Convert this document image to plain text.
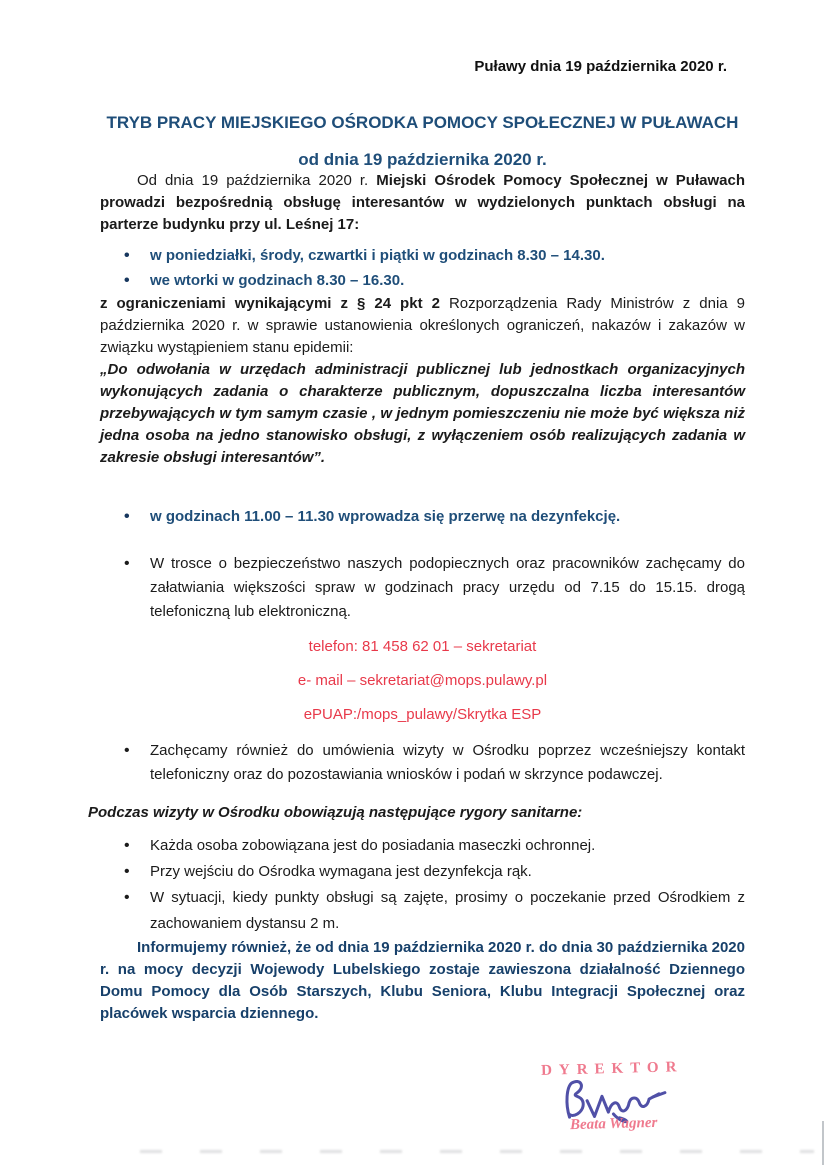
Puławy dnia 19 października 2020 r.
TRYB PRACY MIEJSKIEGO OŚRODKA POMOCY SPOŁECZNEJ W PUŁAWACH
od dnia 19 października 2020 r.

Od dnia 19 października 2020 r. Miejski Ośrodek Pomocy Społecznej w Puławach prowadzi bezpośrednią obsługę interesantów w wydzielonych punktach obsługi na parterze budynku przy ul. Leśnej 17:

• w poniedziałki, środy, czwartki i piątki w godzinach 8.30 – 14.30.
• we wtorki w godzinach 8.30 – 16.30.

z ograniczeniami wynikającymi z § 24 pkt 2 Rozporządzenia Rady Ministrów z dnia 9 października 2020 r. w sprawie ustanowienia określonych ograniczeń, nakazów i zakazów w związku wystąpieniem stanu epidemii:

„Do odwołania w urzędach administracji publicznej lub jednostkach organizacyjnych wykonujących zadania o charakterze publicznym, dopuszczalna liczba interesantów przebywających w tym samym czasie , w jednym pomieszczeniu nie może być większa niż jedna osoba na jedno stanowisko obsługi, z wyłączeniem osób realizujących zadania w zakresie obsługi interesantów”.

• w godzinach 11.00 – 11.30 wprowadza się przerwę na dezynfekcję.
• W trosce o bezpieczeństwo naszych podopiecznych oraz pracowników zachęcamy do załatwiania większości spraw w godzinach pracy urzędu od 7.15 do 15.15. drogą telefoniczną lub elektroniczną.
telefon: 81 458 62 01 – sekretariat
e- mail – sekretariat@mops.pulawy.pl
ePUAP:/mops_pulawy/Skrytka ESP
• Zachęcamy również do umówienia wizyty w Ośrodku poprzez wcześniejszy kontakt telefoniczny oraz do pozostawiania wniosków i podań w skrzynce podawczej.

Podczas wizyty w Ośrodku obowiązują następujące rygory sanitarne:

• Każda osoba zobowiązana jest do posiadania maseczki ochronnej.
• Przy wejściu do Ośrodka wymagana jest dezynfekcja rąk.
• W sytuacji, kiedy punkty obsługi są zajęte, prosimy o poczekanie przed Ośrodkiem z zachowaniem dystansu 2 m.

Informujemy również, że od dnia 19 października 2020 r. do dnia 30 października 2020 r. na mocy decyzji Wojewody Lubelskiego zostaje zawieszona działalność Dziennego Domu Pomocy dla Osób Starszych, Klubu Seniora, Klubu Integracji Społecznej oraz placówek wsparcia dziennego.

DYREKTOR
Beata Wagner
